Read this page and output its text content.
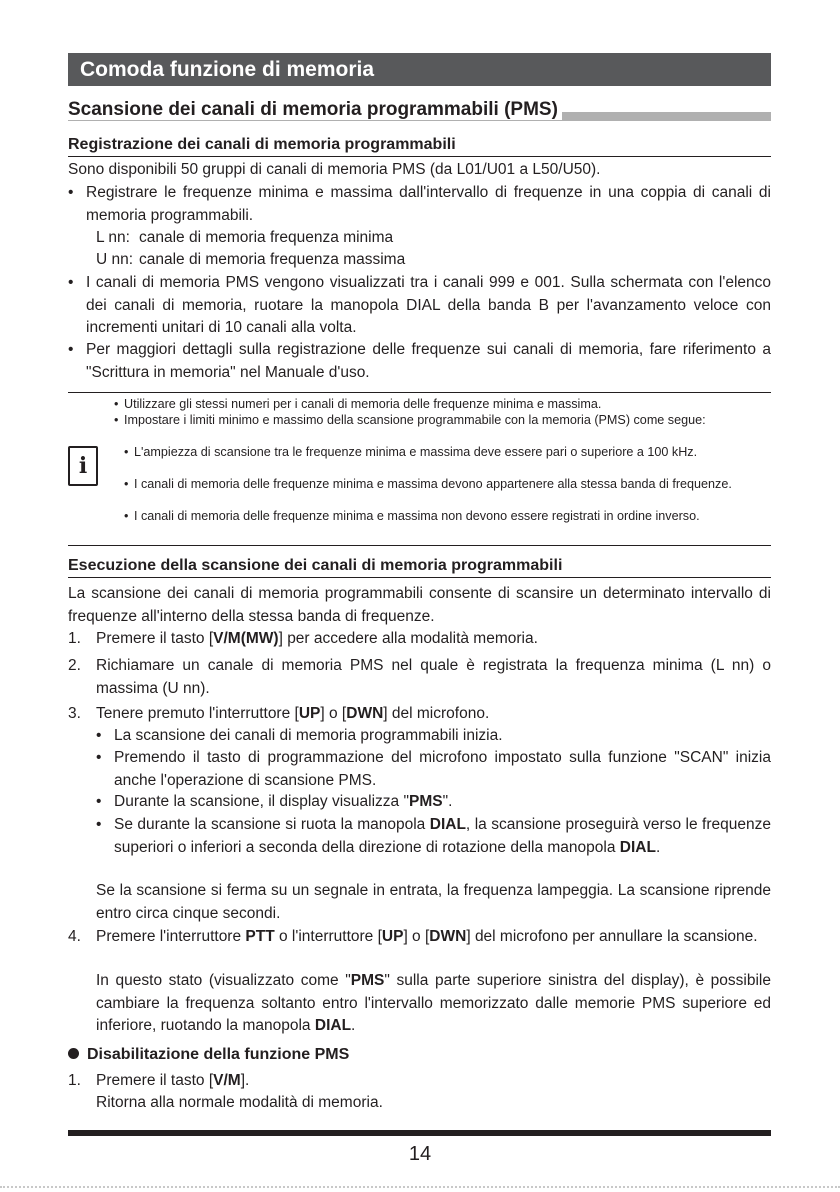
Comoda funzione di memoria
Scansione dei canali di memoria programmabili (PMS)
Registrazione dei canali di memoria programmabili
Sono disponibili 50 gruppi di canali di memoria PMS (da L01/U01 a L50/U50).
• Registrare le frequenze minima e massima dall'intervallo di frequenze in una coppia di canali di memoria programmabili.
L nn: canale di memoria frequenza minima
U nn: canale di memoria frequenza massima
• I canali di memoria PMS vengono visualizzati tra i canali 999 e 001. Sulla schermata con l'elenco dei canali di memoria, ruotare la manopola DIAL della banda B per l'avanzamento veloce con incrementi unitari di 10 canali alla volta.
• Per maggiori dettagli sulla registrazione delle frequenze sui canali di memoria, fare riferimento a "Scrittura in memoria" nel Manuale d'uso.
i
• Utilizzare gli stessi numeri per i canali di memoria delle frequenze minima e massima.
• Impostare i limiti minimo e massimo della scansione programmabile con la memoria (PMS) come segue:
• L'ampiezza di scansione tra le frequenze minima e massima deve essere pari o superiore a 100 kHz.
• I canali di memoria delle frequenze minima e massima devono appartenere alla stessa banda di frequenze.
• I canali di memoria delle frequenze minima e massima non devono essere registrati in ordine inverso.
Esecuzione della scansione dei canali di memoria programmabili
La scansione dei canali di memoria programmabili consente di scansire un determinato intervallo di frequenze all'interno della stessa banda di frequenze.
1. Premere il tasto [V/M(MW)] per accedere alla modalità memoria.
2. Richiamare un canale di memoria PMS nel quale è registrata la frequenza minima (L nn) o massima (U nn).
3. Tenere premuto l'interruttore [UP] o [DWN] del microfono.
• La scansione dei canali di memoria programmabili inizia.
• Premendo il tasto di programmazione del microfono impostato sulla funzione "SCAN" inizia anche l'operazione di scansione PMS.
• Durante la scansione, il display visualizza "PMS".
• Se durante la scansione si ruota la manopola DIAL, la scansione proseguirà verso le frequenze superiori o inferiori a seconda della direzione di rotazione della manopola DIAL.
Se la scansione si ferma su un segnale in entrata, la frequenza lampeggia. La scansione riprende entro circa cinque secondi.
4. Premere l'interruttore PTT o l'interruttore [UP] o [DWN] del microfono per annullare la scansione.
In questo stato (visualizzato come "PMS" sulla parte superiore sinistra del display), è possibile cambiare la frequenza soltanto entro l'intervallo memorizzato dalle memorie PMS superiore ed inferiore, ruotando la manopola DIAL.
Disabilitazione della funzione PMS
1. Premere il tasto [V/M].
Ritorna alla normale modalità di memoria.
14
